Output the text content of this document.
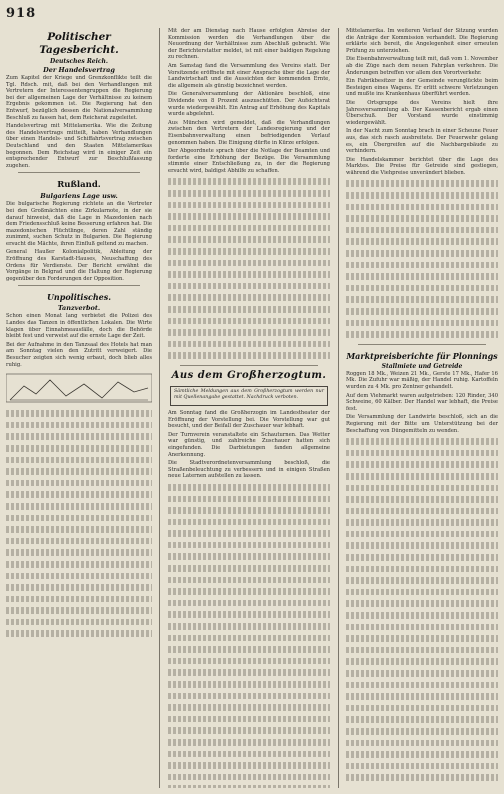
918
Politischer Tagesbericht.
Deutsches Reich.
Der Handelsvertrag

Zum Kapitel der Kriege und Grenzkonflikte teilt die Tgl. Rdsch. mit, daß bei den Verhandlungen mit Vertretern der Interessentengruppen die Regierung bei der allgemeinen Lage der Verhältnisse zu keinem Ergebnis gekommen ist. Die Regierung hat den Entwurf, bezüglich dessen die Nationalversammlung Beschluß zu fassen hat, dem Reichsrat zugeleitet.

Handelsvertrag mit Mittelamerika. Wie die Zeitung des Handelsvertrags mitteilt, haben Verhandlungen über einen Handels- und Schiffahrtsvertrag zwischen Deutschland und den Staaten Mittelamerikas begonnen. Dem Reichstag wird in einiger Zeit ein entsprechender Entwurf zur Beschlußfassung zugehen.

Rußland.
Bulgariens Lage usw.

Die bulgarische Regierung richtete an die Vertreter bei den Großmächten eine Zirkularnote, in der sie darauf hinweist, daß die Lage in Mazedonien nach dem Friedensschluß keine Besserung erfahren hat. Die mazedonischen Flüchtlinge, deren Zahl ständig zunimmt, suchen Schutz in Bulgarien. Die Regierung ersucht die Mächte, ihren Einfluß geltend zu machen.

General Haußer Kolonialpolitik, Ableitung der Eröffnung des Karstadt-Hauses, Neuschaffung des Ordens für Verdienste. Der Bericht erwähnt die Vorgänge in Belgrad und die Haltung der Regierung gegenüber den Forderungen der Opposition.

Unpolitisches.
Tanzverbot.

Schon einen Monat lang verbietet die Polizei des Landes das Tanzen in öffentlichen Lokalen. Die Wirte klagen über Einnahmeausfälle, doch die Behörde bleibt fest und verweist auf die ernste Lage der Zeit.

Bei der Aufnahme in den Tanzsaal des Hotels hat man am Sonntag vielen den Zutritt verweigert. Die Besucher zeigten sich wenig erbaut, doch blieb alles ruhig.

Mit der am Dienstag nach Hause erfolgten Abreise der Kommission werden die Verhandlungen über die Neuordnung der Verhältnisse zum Abschluß gebracht. Wie der Berichterstatter meldet, ist mit einer baldigen Regelung zu rechnen.

Am Samstag fand die Versammlung des Vereins statt. Der Vorsitzende eröffnete mit einer Ansprache über die Lage der Landwirtschaft und die Aussichten der kommenden Ernte, die allgemein als günstig bezeichnet werden.

Die Generalversammlung der Aktionäre beschloß, eine Dividende von 8 Prozent auszuschütten. Der Aufsichtsrat wurde wiedergewählt. Ein Antrag auf Erhöhung des Kapitals wurde abgelehnt.

Aus München wird gemeldet, daß die Verhandlungen zwischen den Vertretern der Landesregierung und der Eisenbahnverwaltung einen befriedigenden Verlauf genommen haben. Die Einigung dürfte in Kürze erfolgen.

Der Abgeordnete sprach über die Notlage der Beamten und forderte eine Erhöhung der Bezüge. Die Versammlung stimmte einer Entschließung zu, in der die Regierung ersucht wird, baldigst Abhilfe zu schaffen.

Aus dem Großherzogtum.

Sämtliche Meldungen aus dem Großherzogtum werden nur mit Quellenangabe gestattet. Nachdruck verboten.

Am Sonntag fand die Großherzogin im Landestheater der Eröffnung der Vorstellung bei. Die Vorstellung war gut besucht, und der Beifall der Zuschauer war lebhaft.

Der Turnverein veranstaltete ein Schauturnen. Das Wetter war günstig, und zahlreiche Zuschauer hatten sich eingefunden. Die Darbietungen fanden allgemeine Anerkennung.

Die Stadtverordnetenversammlung beschloß, die Straßenbeleuchtung zu verbessern und in einigen Straßen neue Laternen aufstellen zu lassen.

Mittelamerika. Im weiteren Verlauf der Sitzung wurden die Anträge der Kommission verhandelt. Die Regierung erklärte sich bereit, die Angelegenheit einer erneuten Prüfung zu unterziehen.

Die Eisenbahnverwaltung teilt mit, daß vom 1. November ab die Züge nach dem neuen Fahrplan verkehren. Die Änderungen betreffen vor allem den Vorortverkehr.

Ein Fabrikbesitzer in der Gemeinde verunglückte beim Besteigen eines Wagens. Er erlitt schwere Verletzungen und mußte ins Krankenhaus überführt werden.

Die Ortsgruppe des Vereins hielt ihre Jahresversammlung ab. Der Kassenbericht ergab einen Überschuß. Der Vorstand wurde einstimmig wiedergewählt.

In der Nacht zum Sonntag brach in einer Scheune Feuer aus, das sich rasch ausbreitete. Der Feuerwehr gelang es, ein Übergreifen auf die Nachbargebäude zu verhindern.

Die Handelskammer berichtet über die Lage des Marktes. Die Preise für Getreide sind gestiegen, während die Viehpreise unverändert blieben.

Marktpreisberichte für Plonnings
Stallmiete und Getreide

Roggen 18 Mk., Weizen 21 Mk., Gerste 17 Mk., Hafer 16 Mk. Die Zufuhr war mäßig, der Handel ruhig. Kartoffeln wurden zu 4 Mk. pro Zentner gehandelt.

Auf dem Viehmarkt waren aufgetrieben: 120 Rinder, 340 Schweine, 60 Kälber. Der Handel war lebhaft, die Preise fest.

Die Versammlung der Landwirte beschloß, sich an die Regierung mit der Bitte um Unterstützung bei der Beschaffung von Düngemitteln zu wenden.
